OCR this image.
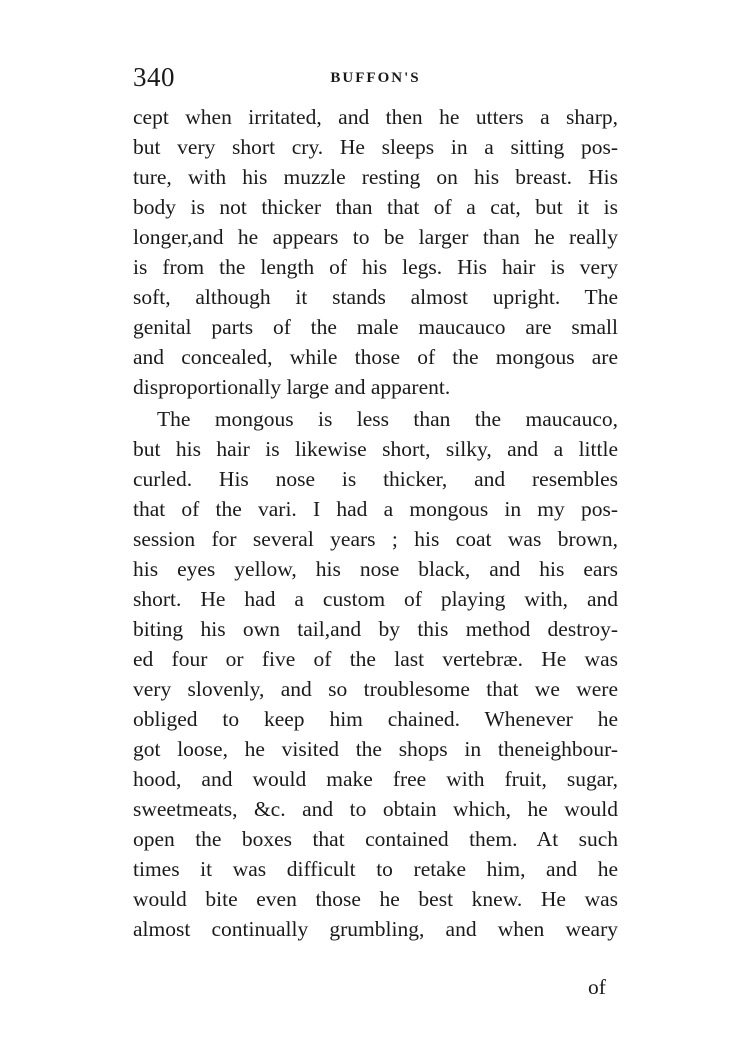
340	BUFFON'S
cept when irritated, and then he utters a sharp,
but very short cry. He sleeps in a sitting pos-
ture, with his muzzle resting on his breast. His
body is not thicker than that of a cat, but it is
longer,and he appears to be larger than he really
is from the length of his legs. His hair is very
soft, although it stands almost upright. The
genital parts of the male maucauco are small
and concealed, while those of the mongous are
disproportionally large and apparent.
The mongous is less than the maucauco,
but his hair is likewise short, silky, and a little
curled. His nose is thicker, and resembles
that of the vari. I had a mongous in my pos-
session for several years ; his coat was brown,
his eyes yellow, his nose black, and his ears
short. He had a custom of playing with, and
biting his own tail,and by this method destroy-
ed four or five of the last vertebræ. He was
very slovenly, and so troublesome that we were
obliged to keep him chained. Whenever he
got loose, he visited the shops in theneighbour-
hood, and would make free with fruit, sugar,
sweetmeats, &c. and to obtain which, he would
open the boxes that contained them. At such
times it was difficult to retake him, and he
would bite even those he best knew. He was
almost continually grumbling, and when weary
of
